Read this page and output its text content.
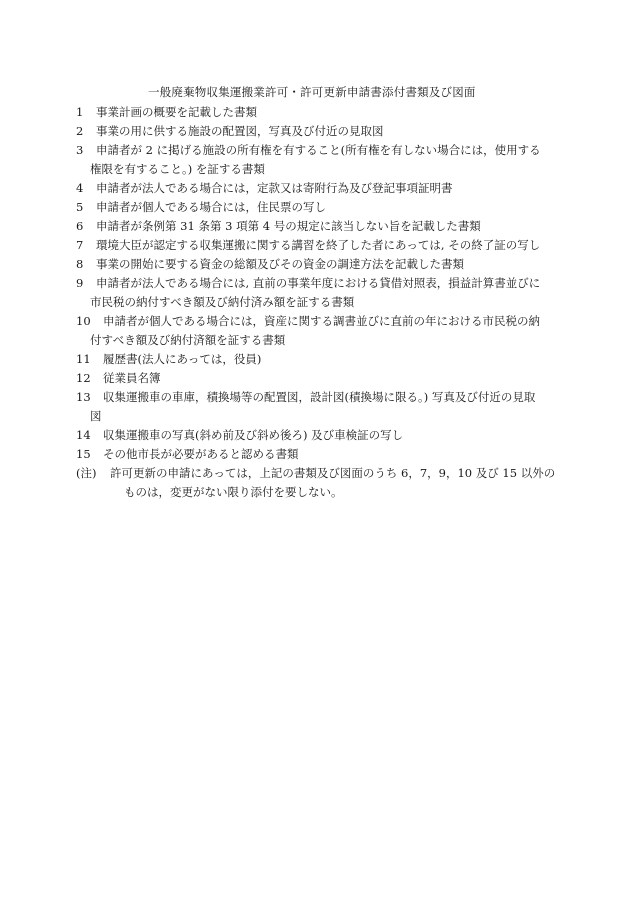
一般廃棄物収集運搬業許可・許可更新申請書添付書類及び図面
1	事業計画の概要を記載した書類
2	事業の用に供する施設の配置図，写真及び付近の見取図
3	申請者が 2 に掲げる施設の所有権を有すること(所有権を有しない場合には，使用する
権限を有すること。) を証する書類
4	申請者が法人である場合には，定款又は寄附行為及び登記事項証明書
5	申請者が個人である場合には，住民票の写し
6	申請者が条例第 31 条第 3 項第 4 号の規定に該当しない旨を記載した書類
7	環境大臣が認定する収集運搬に関する講習を終了した者にあっては, その終了証の写し
8	事業の開始に要する資金の総額及びその資金の調達方法を記載した書類
9	申請者が法人である場合には, 直前の事業年度における貸借対照表，損益計算書並びに
市民税の納付すべき額及び納付済み額を証する書類
10	申請者が個人である場合には，資産に関する調書並びに直前の年における市民税の納
付すべき額及び納付済額を証する書類
11	履歴書(法人にあっては，役員)
12	従業員名簿
13	収集運搬車の車庫，積換場等の配置図，設計図(積換場に限る。) 写真及び付近の見取
図
14	収集運搬車の写真(斜め前及び斜め後ろ) 及び車検証の写し
15	その他市長が必要があると認める書類
(注)	許可更新の申請にあっては，上記の書類及び図面のうち 6，7，9，10 及び 15 以外の
ものは，変更がない限り添付を要しない。
